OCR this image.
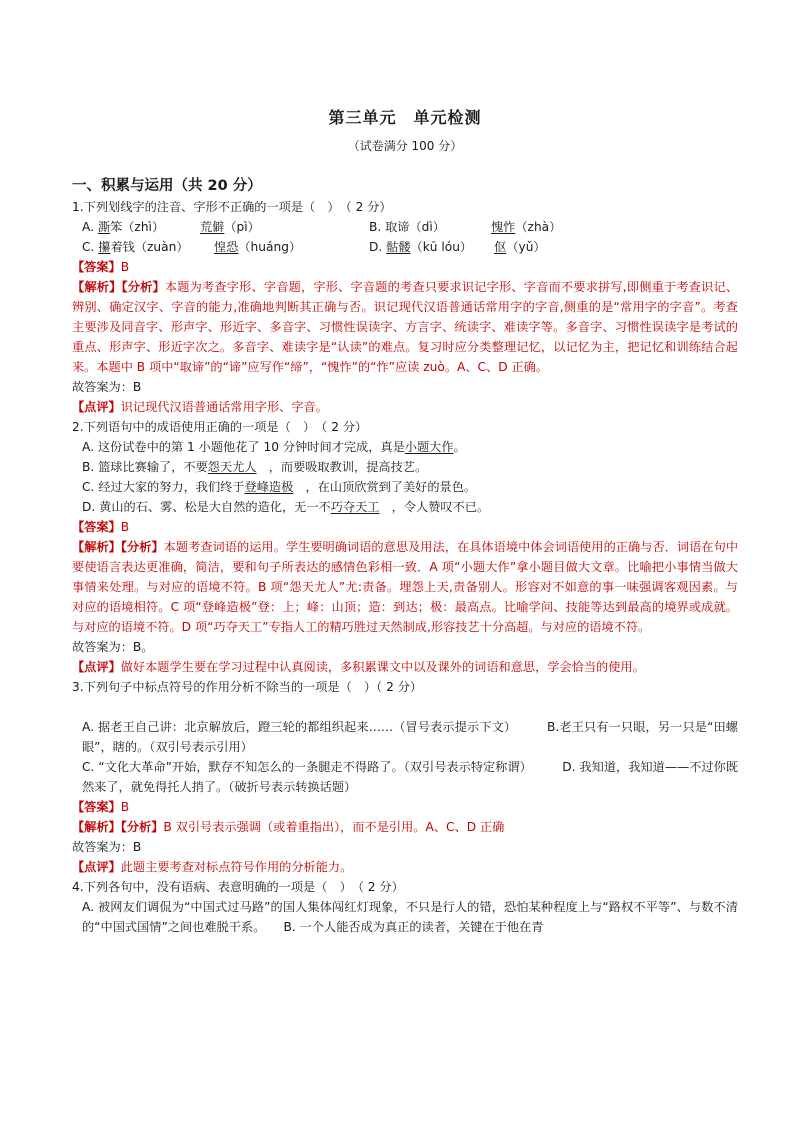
第三单元　单元检测
（试卷满分 100 分）
一、积累与运用（共 20 分）
1.下列划线字的注音、字形不正确的一项是（　）　（ 2 分）
A. 澌笨（zhì）	荒僻（pì）	B. 取谛（dì）	愧怍（zhà）
C. 攥着钱（zuàn） 惶恐（huáng）	D. 骷髅（kū lóu） 伛（yǔ）
【答案】B
【解析】【分析】本题为考查字形、字音题，字形、字音题的考查只要求识记字形、字音而不要求拼写,即侧重于考查识记、辨别、确定汉字、字音的能力,准确地判断其正确与否。识记现代汉语普通话常用字的字音,侧重的是“常用字的字音”。考查主要涉及同音字、形声字、形近字、多音字、习惯性误读字、方言字、统读字、难读字等。多音字、习惯性误读字是考试的重点、形声字、形近字次之。多音字、难读字是“认读”的难点。复习时应分类整理记忆，以记忆为主，把记忆和训练结合起来。本题中 B 项中“取谛”的“谛”应写作“缔”，“愧怍”的“怍”应读 zuò。A、C、D 正确。
故答案为：B
【点评】识记现代汉语普通话常用字形、字音。
2.下列语句中的成语使用正确的一项是（　）　（ 2 分）
A. 这份试卷中的第 1 小题他花了 10 分钟时间才完成，真是小题大作。
B. 篮球比赛输了，不要怨天尤人　，而要吸取教训，提高技艺。
C. 经过大家的努力，我们终于登峰造极　，在山顶欣赏到了美好的景色。
D. 黄山的石、雾、松是大自然的造化，无一不巧夺天工　，令人赞叹不已。
【答案】B
【解析】【分析】本题考查词语的运用。学生要明确词语的意思及用法，在具体语境中体会词语使用的正确与否．词语在句中要使语言表达更准确，简洁，要和句子所表达的感情色彩相一致．A 项“小题大作”拿小题目做大文章。比喻把小事情当做大事情来处理。与对应的语境不符。B 项“怨天尤人”尤:责备。埋怨上天,责备别人。形容对不如意的事一味强调客观因素。与对应的语境相符。C 项“登峰造极”登：上；峰：山顶；造：到达；极：最高点。比喻学问、技能等达到最高的境界或成就。 与对应的语境不符。D 项“巧夺天工”专指人工的精巧胜过天然制成,形容技艺十分高超。与对应的语境不符。
故答案为：B。
【点评】做好本题学生要在学习过程中认真阅读，多积累课文中以及课外的词语和意思，学会恰当的使用。
3.下列句子中标点符号的作用分析不除当的一项是（　）（ 2 分）
A. 据老王自己讲：北京解放后，蹬三轮的都组织起来……（冒号表示提示下文）　　　B.老王只有一只眼，另一只是“田螺眼”，瞎的。（双引号表示引用）
C. “文化大革命”开始，默存不知怎么的一条腿走不得路了。（双引号表示特定称谓）　　　D. 我知道，我知道——不过你既然来了，就免得托人捎了。（破折号表示转换话题）
【答案】B
【解析】【分析】B 双引号表示强调（或着重指出），而不是引用。A、C、D 正确
故答案为：B
【点评】此题主要考查对标点符号作用的分析能力。
4.下列各句中，没有语病、表意明确的一项是（　）　（ 2 分）
A. 被网友们调侃为“中国式过马路”的国人集体闯红灯现象，不只是行人的错，恐怕某种程度上与“路权不平等”、与数不清的“中国式国情”之间也难脱干系。　　B. 一个人能否成为真正的读者，关键在于他在青
